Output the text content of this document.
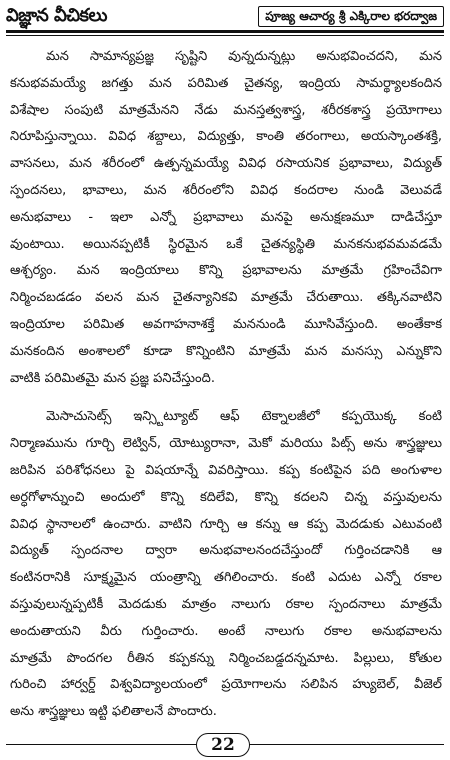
విజ్ఞాన వీచికలు	పూజ్య ఆచార్య శ్రీ ఎక్కిరాల భరద్వాజ
మన సామాన్యప్రజ్ఞ సృష్టిని వున్నదున్నట్లు అనుభవించదని, మన
కనుభవమయ్యే జగత్తు మన పరిమిత చైతన్య, ఇంద్రియ సామర్థ్యాలకందిన
విశేషాల సంపుటి మాత్రమేనని నేడు మనస్తత్వశాస్త్ర, శరీరకశాస్త్ర ప్రయోగాలు
నిరూపిస్తున్నాయి. వివిధ శబ్దాలు, విద్యుత్తు, కాంతి తరంగాలు, అయస్కాంతశక్తి,
వాసనలు, మన శరీరంలో ఉత్పన్నమయ్యే వివిధ రసాయనిక ప్రభావాలు, విద్యుత్
స్పందనలు, భావాలు, మన శరీరంలోని వివిధ కందరాల నుండి వెలువడే
అనుభవాలు - ఇలా ఎన్నో ప్రభావాలు మనపై అనుక్షణమూ దాడిచేస్తూ
వుంటాయి. అయినప్పటికీ స్థిరమైన ఒకే చైతన్యస్థితి మనకనుభవమవడమే
ఆశ్చర్యం. మన ఇంద్రియాలు కొన్ని ప్రభావాలను మాత్రమే గ్రహించేవిగా
నిర్మించబడడం వలన మన చైతన్యానికవి మాత్రమే చేరుతాయి. తక్కినవాటిని
ఇంద్రియాల పరిమిత అవగాహనాశక్తే మననుండి మూసివేస్తుంది. అంతేకాక
మనకందిన అంశాలలో కూడా కొన్నింటిని మాత్రమే మన మనస్సు ఎన్నుకొని
వాటికి పరిమితమై మన ప్రజ్ఞ పనిచేస్తుంది.
మెసాచుసెట్స్ ఇన్స్టిట్యూట్ ఆఫ్ టెక్నాలజీలో కప్పయొక్క కంటి
నిర్మాణమును గూర్చి లెట్విన్, యోట్యురానా, మెకో మరియు పిట్స్ అను శాస్త్రజ్ఞులు
జరిపిన పరిశోధనలు పై విషయాన్నే వివరిస్తాయి. కప్ప కంటిపైన పది అంగుళాల
అర్ధగోళాన్నుంచి అందులో కొన్ని కదిలేవి, కొన్ని కదలని చిన్న వస్తువులను
వివిధ స్థానాలలో ఉంచారు. వాటిని గూర్చి ఆ కన్ను ఆ కప్ప మెదడుకు ఎటువంటి
విద్యుత్ స్పందనాల ద్వారా అనుభవాలనందచేస్తుందో గుర్తించడానికి ఆ
కంటినరానికి సూక్ష్మమైన యంత్రాన్ని తగిలించారు. కంటి ఎదుట ఎన్నో రకాల
వస్తువులున్నప్పటికీ మెదడుకు మాత్రం నాలుగు రకాల స్పందనాలు మాత్రమే
అందుతాయని వీరు గుర్తించారు. అంటే నాలుగు రకాల అనుభవాలను
మాత్రమే పొందగల రీతిన కప్పకన్ను నిర్మించబడ్డదన్నమాట. పిల్లులు, కోతుల
గురించి హార్వర్డ్ విశ్వవిద్యాలయంలో ప్రయోగాలను సలిపిన హ్యుబెల్, వీజెల్
అను శాస్త్రజ్ఞులు ఇట్టి ఫలితాలనే పొందారు.
22
